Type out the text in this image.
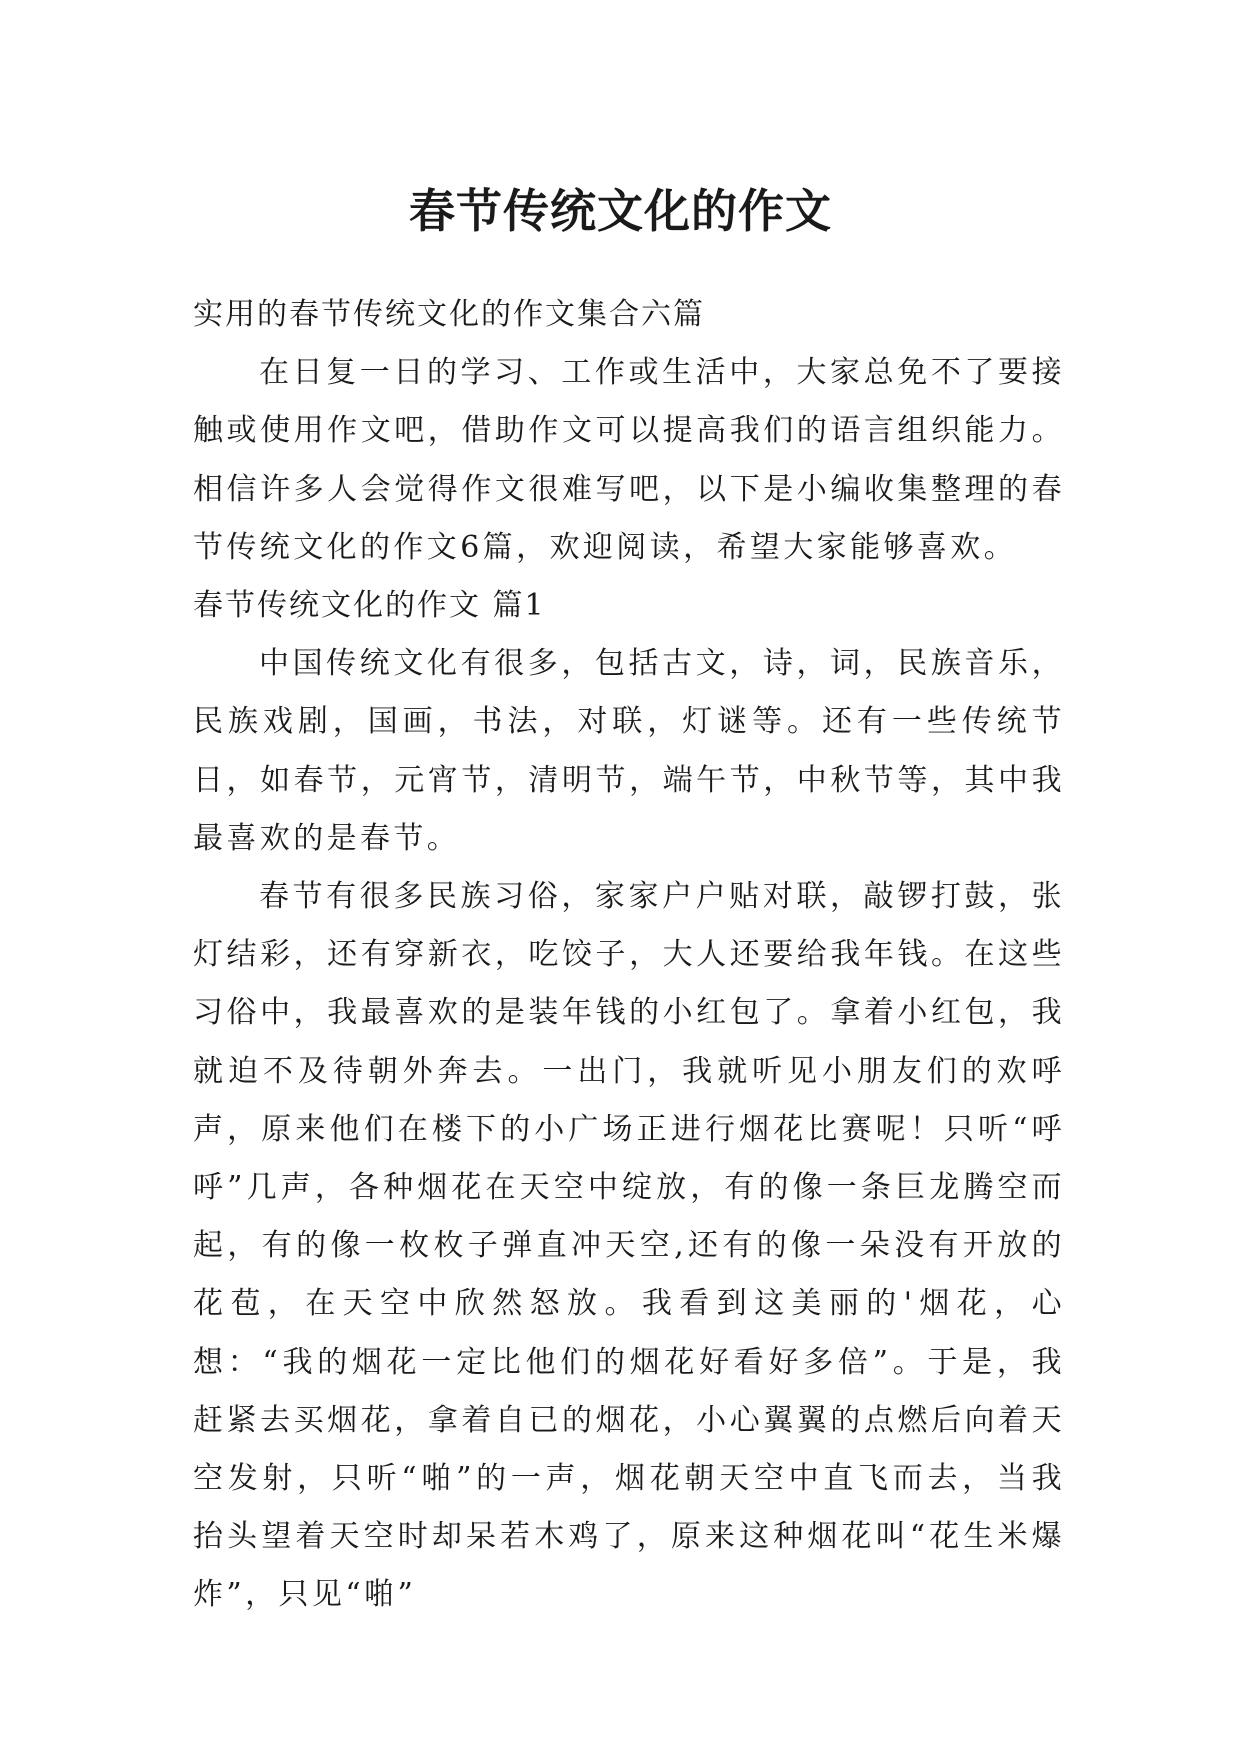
春节传统文化的作文

实用的春节传统文化的作文集合六篇

在日复一日的学习、工作或生活中，大家总免不了要接触或使用作文吧，借助作文可以提高我们的语言组织能力。相信许多人会觉得作文很难写吧，以下是小编收集整理的春节传统文化的作文6篇，欢迎阅读，希望大家能够喜欢。

春节传统文化的作文 篇1

中国传统文化有很多，包括古文，诗，词，民族音乐，民族戏剧，国画，书法，对联，灯谜等。还有一些传统节日，如春节，元宵节，清明节，端午节，中秋节等，其中我最喜欢的是春节。

春节有很多民族习俗，家家户户贴对联，敲锣打鼓，张灯结彩，还有穿新衣，吃饺子，大人还要给我年钱。在这些习俗中，我最喜欢的是装年钱的小红包了。拿着小红包，我就迫不及待朝外奔去。一出门，我就听见小朋友们的欢呼声，原来他们在楼下的小广场正进行烟花比赛呢！只听“呼呼”几声，各种烟花在天空中绽放，有的像一条巨龙腾空而起，有的像一枚枚子弹直冲天空,还有的像一朵没有开放的花苞，在天空中欣然怒放。我看到这美丽的'烟花，心想：“我的烟花一定比他们的烟花好看好多倍”。于是，我赶紧去买烟花，拿着自已的烟花，小心翼翼的点燃后向着天空发射，只听“啪”的一声，烟花朝天空中直飞而去，当我抬头望着天空时却呆若木鸡了，原来这种烟花叫“花生米爆炸”，只见“啪”
